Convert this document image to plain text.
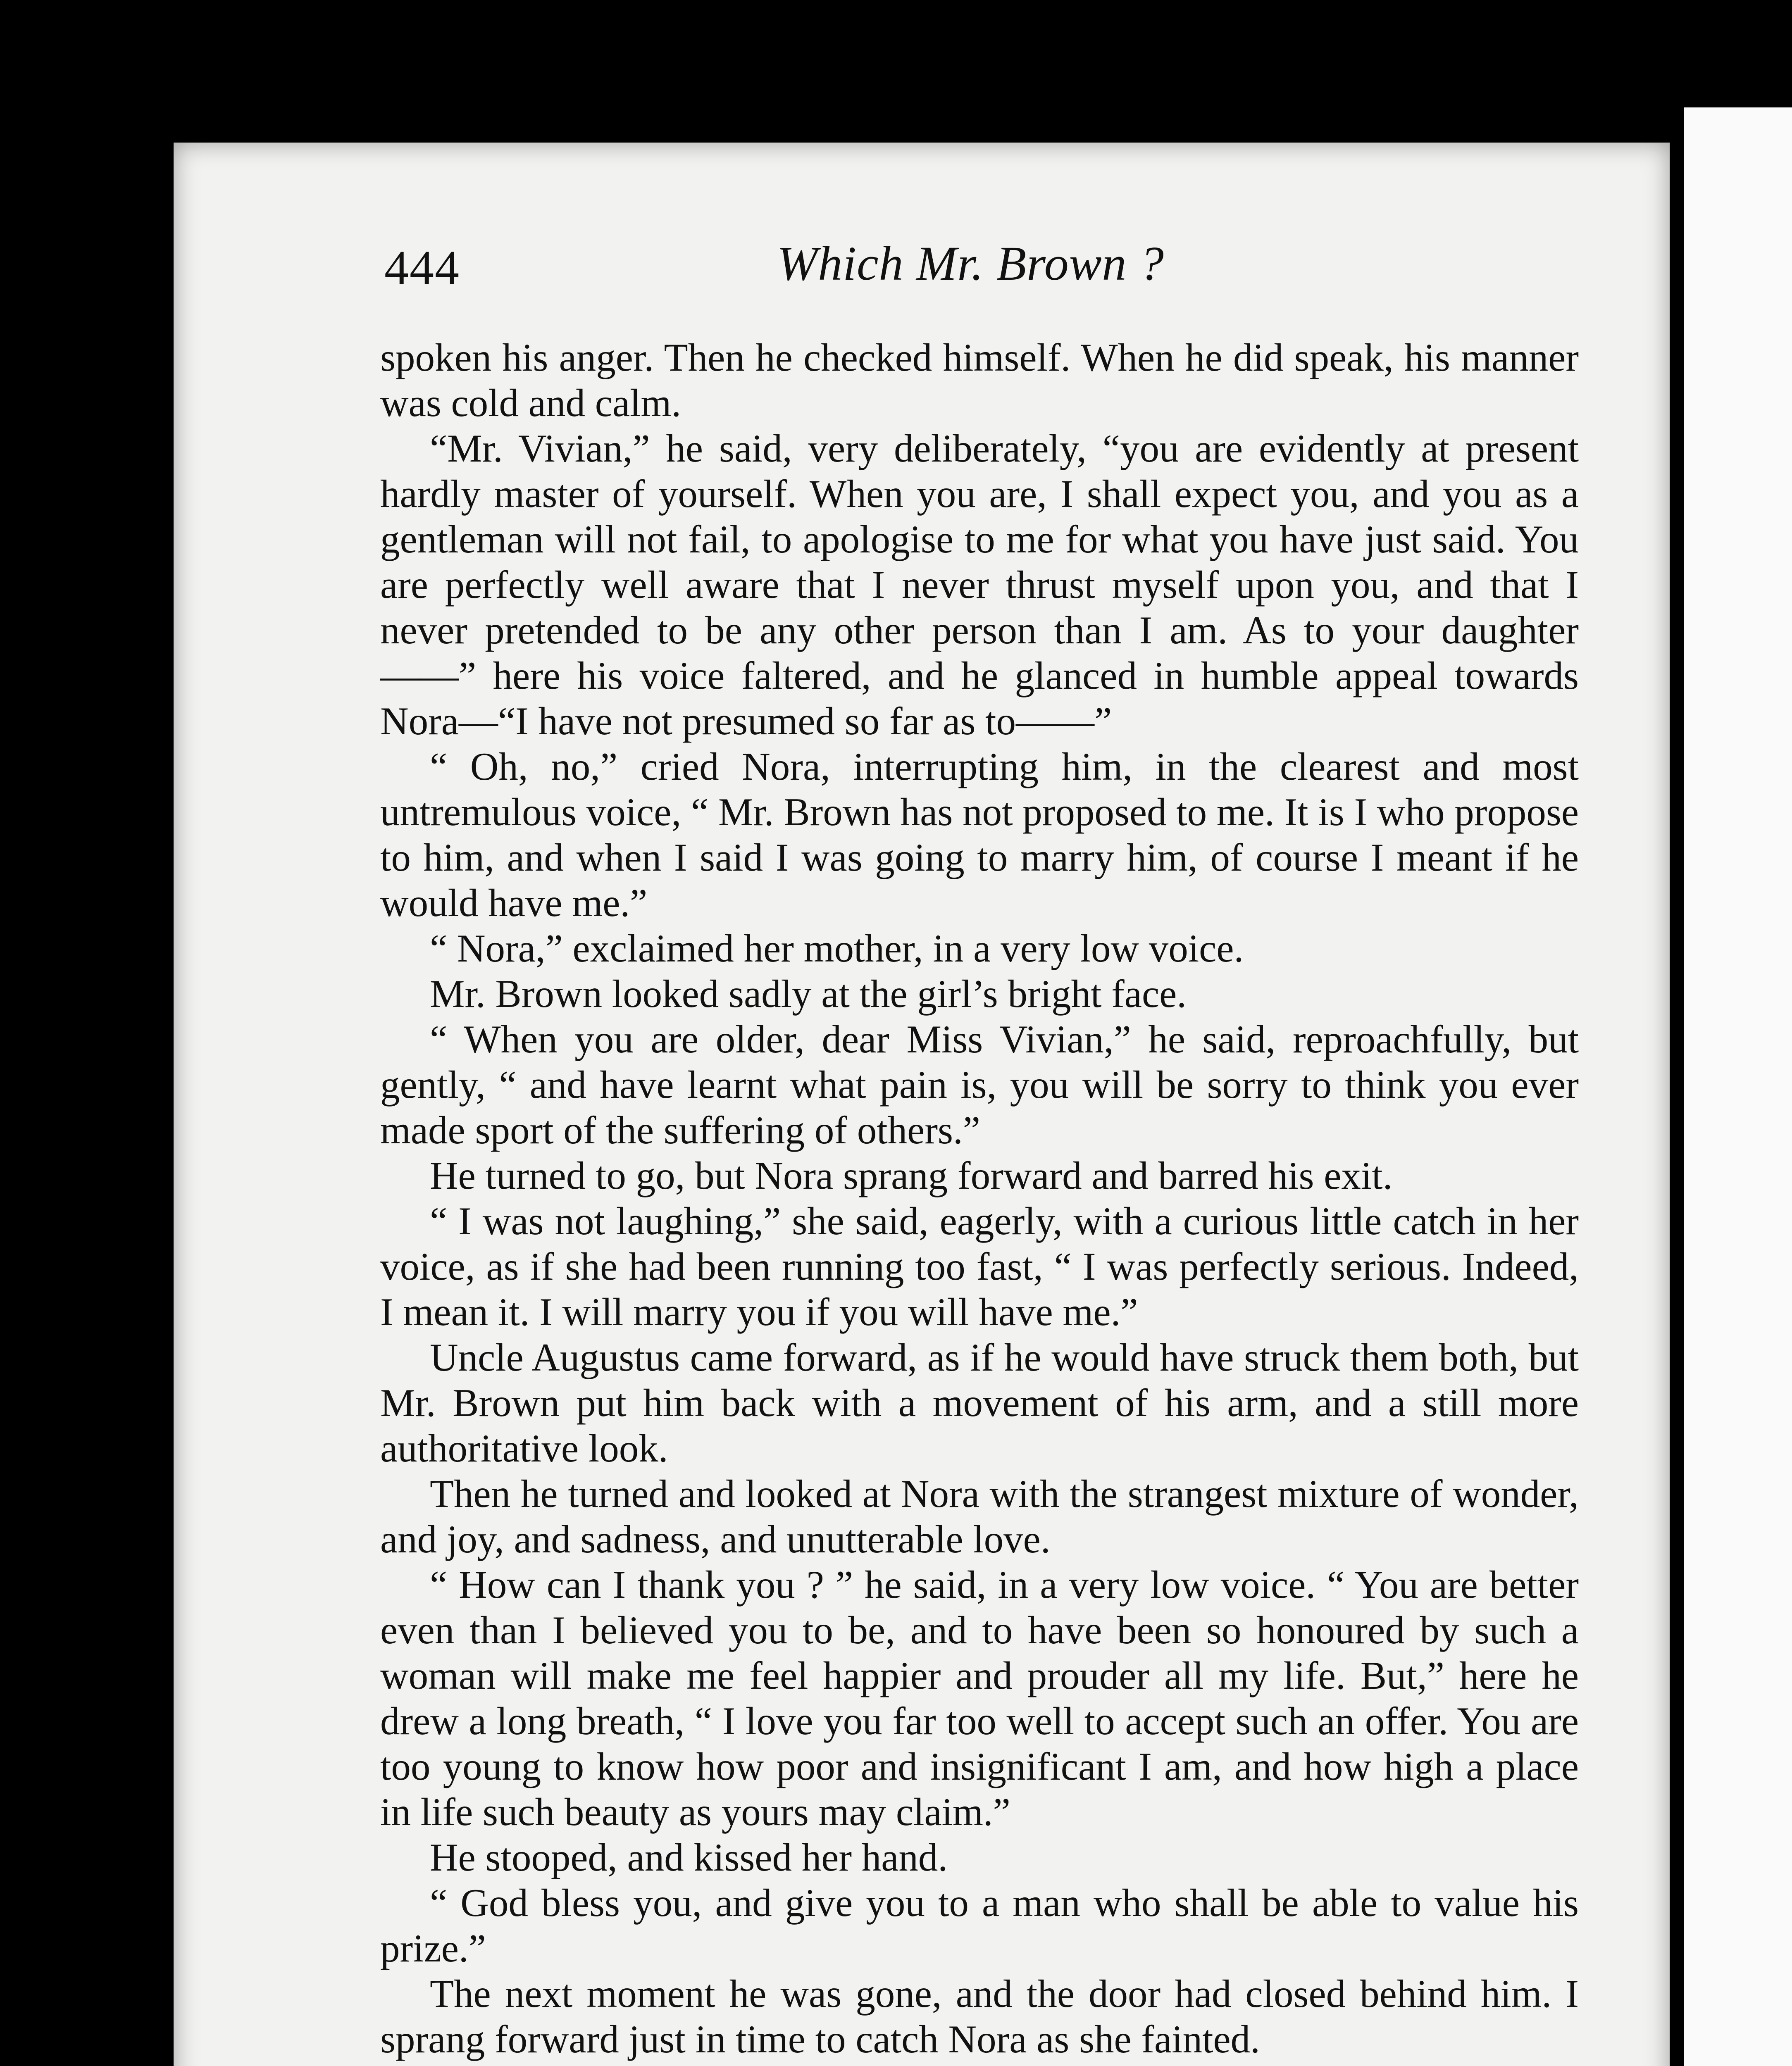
444	Which Mr. Brown ?

spoken his anger. Then he checked himself. When he did speak, his manner was cold and calm.

“Mr. Vivian,” he said, very deliberately, “you are evidently at present hardly master of yourself. When you are, I shall expect you, and you as a gentleman will not fail, to apologise to me for what you have just said. You are perfectly well aware that I never thrust myself upon you, and that I never pretended to be any other person than I am. As to your daughter ——” here his voice faltered, and he glanced in humble appeal towards Nora—“I have not presumed so far as to——”

“ Oh, no,” cried Nora, interrupting him, in the clearest and most untremulous voice, “ Mr. Brown has not proposed to me. It is I who propose to him, and when I said I was going to marry him, of course I meant if he would have me.”

“ Nora,” exclaimed her mother, in a very low voice.

Mr. Brown looked sadly at the girl’s bright face.

“ When you are older, dear Miss Vivian,” he said, reproachfully, but gently, “ and have learnt what pain is, you will be sorry to think you ever made sport of the suffering of others.”

He turned to go, but Nora sprang forward and barred his exit.

“ I was not laughing,” she said, eagerly, with a curious little catch in her voice, as if she had been running too fast, “ I was perfectly serious. Indeed, I mean it. I will marry you if you will have me.”

Uncle Augustus came forward, as if he would have struck them both, but Mr. Brown put him back with a movement of his arm, and a still more authoritative look.

Then he turned and looked at Nora with the strangest mixture of wonder, and joy, and sadness, and unutterable love.

“ How can I thank you ? ” he said, in a very low voice. “ You are better even than I believed you to be, and to have been so honoured by such a woman will make me feel happier and prouder all my life. But,” here he drew a long breath, “ I love you far too well to accept such an offer. You are too young to know how poor and insignificant I am, and how high a place in life such beauty as yours may claim.”

He stooped, and kissed her hand.

“ God bless you, and give you to a man who shall be able to value his prize.”

The next moment he was gone, and the door had closed behind him. I sprang forward just in time to catch Nora as she fainted.
